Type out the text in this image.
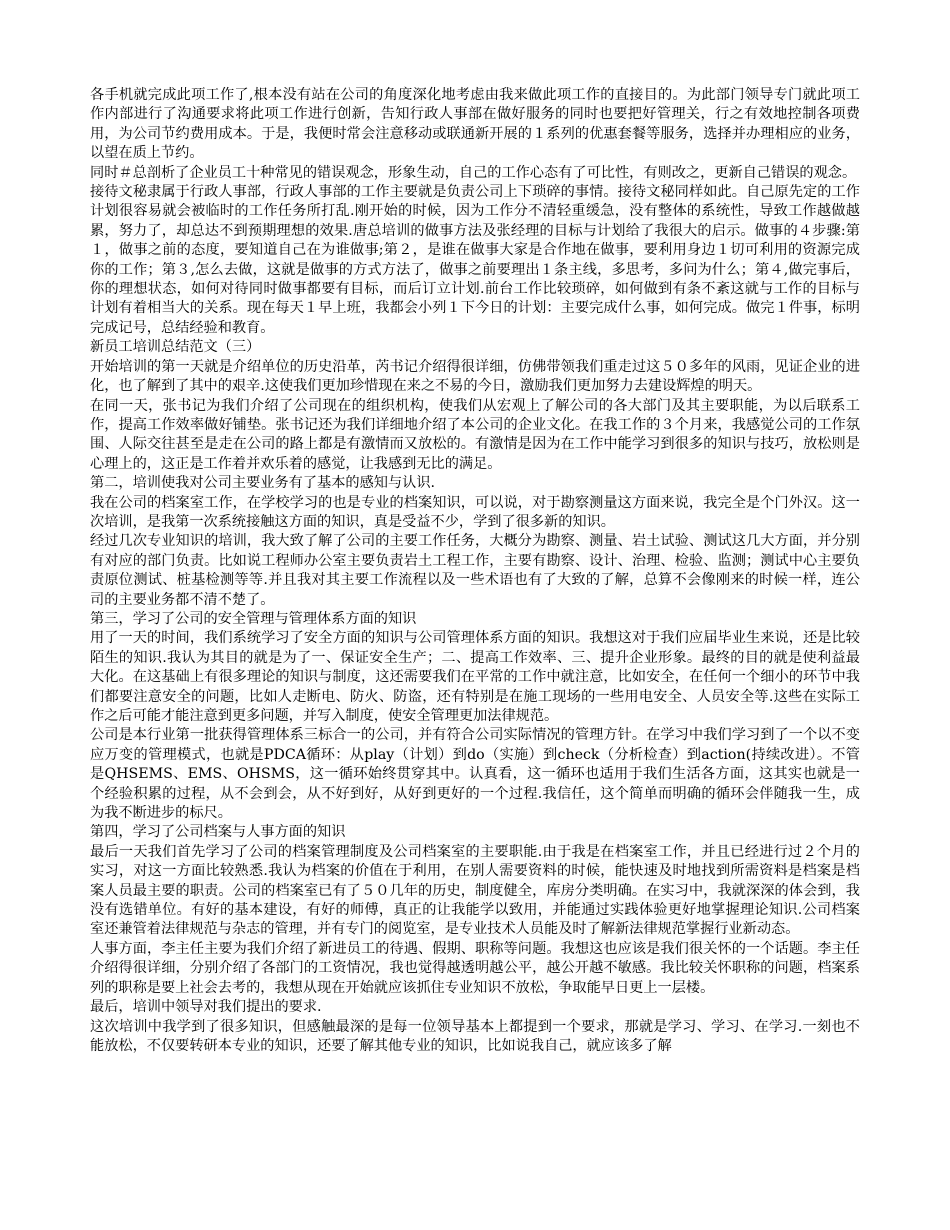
各手机就完成此项工作了,根本没有站在公司的角度深化地考虑由我来做此项工作的直接目的。为此部门领导专门就此项工作内部进行了沟通要求将此项工作进行创新，告知行政人事部在做好服务的同时也要把好管理关，行之有效地控制各项费用，为公司节约费用成本。于是，我便时常会注意移动或联通新开展的１系列的优惠套餐等服务，选择并办理相应的业务，以望在质上节约。

同时＃总剖析了企业员工十种常见的错误观念，形象生动，自己的工作心态有了可比性，有则改之，更新自己错误的观念。

接待文秘隶属于行政人事部，行政人事部的工作主要就是负责公司上下琐碎的事情。接待文秘同样如此。自己原先定的工作计划很容易就会被临时的工作任务所打乱.刚开始的时候，因为工作分不清轻重缓急，没有整体的系统性，导致工作越做越累，努力了，却总达不到预期理想的效果.唐总培训的做事方法及张经理的目标与计划给了我很大的启示。做事的４步骤:第１，做事之前的态度，要知道自己在为谁做事;第２，是谁在做事大家是合作地在做事，要利用身边１切可利用的资源完成你的工作；第３,怎么去做，这就是做事的方式方法了，做事之前要理出１条主线，多思考，多问为什么；第４,做完事后，你的理想状态，如何对待同时做事都要有目标，而后订立计划.前台工作比较琐碎，如何做到有条不紊这就与工作的目标与计划有着相当大的关系。现在每天１早上班，我都会小列１下今日的计划：主要完成什么事，如何完成。做完１件事，标明完成记号，总结经验和教育。

新员工培训总结范文（三）

开始培训的第一天就是介绍单位的历史沿革，芮书记介绍得很详细，仿佛带领我们重走过这５０多年的风雨，见证企业的进化，也了解到了其中的艰辛.这使我们更加珍惜现在来之不易的今日，激励我们更加努力去建设辉煌的明天。

在同一天，张书记为我们介绍了公司现在的组织机构，使我们从宏观上了解公司的各大部门及其主要职能，为以后联系工作，提高工作效率做好铺垫。张书记还为我们详细地介绍了本公司的企业文化。在我工作的３个月来，我感觉公司的工作氛围、人际交往甚至是走在公司的路上都是有激情而又放松的。有激情是因为在工作中能学习到很多的知识与技巧，放松则是心理上的，这正是工作着并欢乐着的感觉，让我感到无比的满足。

第二，培训使我对公司主要业务有了基本的感知与认识.

我在公司的档案室工作，在学校学习的也是专业的档案知识，可以说，对于勘察测量这方面来说，我完全是个门外汉。这一次培训，是我第一次系统接触这方面的知识，真是受益不少，学到了很多新的知识。

经过几次专业知识的培训，我大致了解了公司的主要工作任务，大概分为勘察、测量、岩土试验、测试这几大方面，并分别有对应的部门负责。比如说工程师办公室主要负责岩土工程工作，主要有勘察、设计、治理、检验、监测；测试中心主要负责原位测试、桩基检测等等.并且我对其主要工作流程以及一些术语也有了大致的了解，总算不会像刚来的时候一样，连公司的主要业务都不清不楚了。

第三，学习了公司的安全管理与管理体系方面的知识

用了一天的时间，我们系统学习了安全方面的知识与公司管理体系方面的知识。我想这对于我们应届毕业生来说，还是比较陌生的知识.我认为其目的就是为了一、保证安全生产；二、提高工作效率、三、提升企业形象。最终的目的就是使利益最大化。在这基础上有很多理论的知识与制度，这还需要我们在平常的工作中就注意，比如安全，在任何一个细小的环节中我们都要注意安全的问题，比如人走断电、防火、防盗，还有特别是在施工现场的一些用电安全、人员安全等.这些在实际工作之后可能才能注意到更多问题，并写入制度，使安全管理更加法律规范。

公司是本行业第一批获得管理体系三标合一的公司，并有符合公司实际情况的管理方针。在学习中我们学习到了一个以不变应万变的管理模式，也就是PDCA循环：从play（计划）到do（实施）到check（分析检查）到action(持续改进）。不管是QHSEMS、EMS、OHSMS，这一循环始终贯穿其中。认真看，这一循环也适用于我们生活各方面，这其实也就是一个经验积累的过程，从不会到会，从不好到好，从好到更好的一个过程.我信任，这个简单而明确的循环会伴随我一生，成为我不断进步的标尺。

第四，学习了公司档案与人事方面的知识

最后一天我们首先学习了公司的档案管理制度及公司档案室的主要职能.由于我是在档案室工作，并且已经进行过２个月的实习，对这一方面比较熟悉.我认为档案的价值在于利用，在别人需要资料的时候，能快速及时地找到所需资料是档案是档案人员最主要的职责。公司的档案室已有了５０几年的历史，制度健全，库房分类明确。在实习中，我就深深的体会到，我没有选错单位。有好的基本建设，有好的师傅，真正的让我能学以致用，并能通过实践体验更好地掌握理论知识.公司档案室还兼管着法律规范与杂志的管理，并有专门的阅览室，是专业技术人员能及时了解新法律规范掌握行业新动态。

人事方面，李主任主要为我们介绍了新进员工的待遇、假期、职称等问题。我想这也应该是我们很关怀的一个话题。李主任介绍得很详细，分别介绍了各部门的工资情况，我也觉得越透明越公平，越公开越不敏感。我比较关怀职称的问题，档案系列的职称是要上社会去考的，我想从现在开始就应该抓住专业知识不放松，争取能早日更上一层楼。

最后，培训中领导对我们提出的要求.

这次培训中我学到了很多知识，但感触最深的是每一位领导基本上都提到一个要求，那就是学习、学习、在学习.一刻也不能放松，不仅要转研本专业的知识，还要了解其他专业的知识，比如说我自己，就应该多了解
